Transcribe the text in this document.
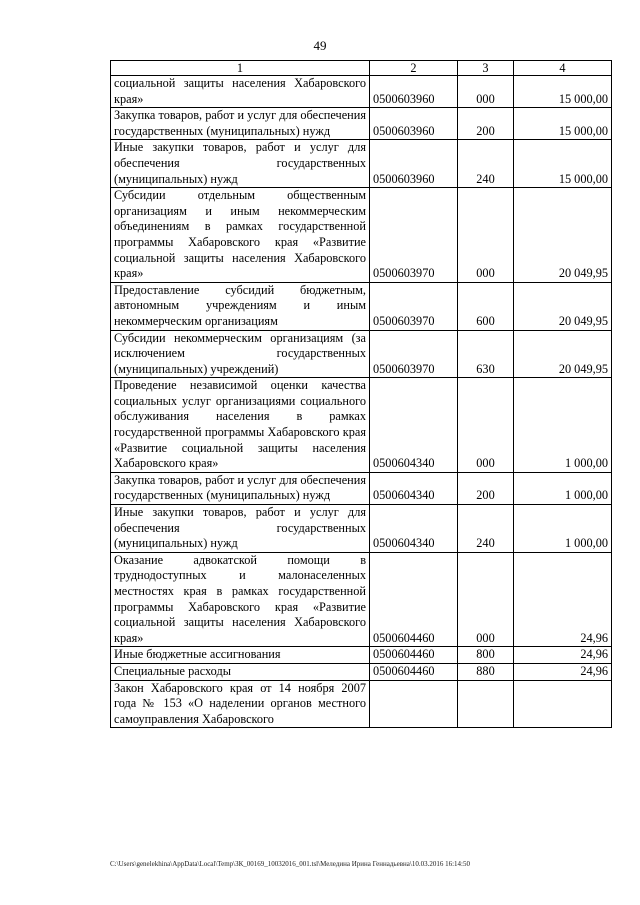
49
1	2	3	4
социальной защиты населения Хабаровского края»	0500603960	000	15 000,00
Закупка товаров, работ и услуг для обеспечения государственных (муниципальных) нужд	0500603960	200	15 000,00
Иные закупки товаров, работ и услуг для обеспечения государственных (муниципальных) нужд	0500603960	240	15 000,00
Субсидии отдельным общественным организациям и иным некоммерческим объединениям в рамках государственной программы Хабаровского края «Развитие социальной защиты населения Хабаровского края»	0500603970	000	20 049,95
Предоставление субсидий бюджетным, автономным учреждениям и иным некоммерческим организациям	0500603970	600	20 049,95
Субсидии некоммерческим организациям (за исключением государственных (муниципальных) учреждений)	0500603970	630	20 049,95
Проведение независимой оценки качества социальных услуг организациями социального обслуживания населения в рамках государственной программы Хабаровского края «Развитие социальной защиты населения Хабаровского края»	0500604340	000	1 000,00
Закупка товаров, работ и услуг для обеспечения государственных (муниципальных) нужд	0500604340	200	1 000,00
Иные закупки товаров, работ и услуг для обеспечения государственных (муниципальных) нужд	0500604340	240	1 000,00
Оказание адвокатской помощи в труднодоступных и малонаселенных местностях края в рамках государственной программы Хабаровского края «Развитие социальной защиты населения Хабаровского края»	0500604460	000	24,96
Иные бюджетные ассигнования	0500604460	800	24,96
Специальные расходы	0500604460	880	24,96
Закон Хабаровского края от 14 ноября 2007 года № 153 «О наделении органов местного самоуправления Хабаровского			
C:\Users\genelekhina\AppData\Local\Temp\ЗК_00169_10032016_001.tsl\Меледина Ирина Геннадьевна\10.03.2016 16:14:50
